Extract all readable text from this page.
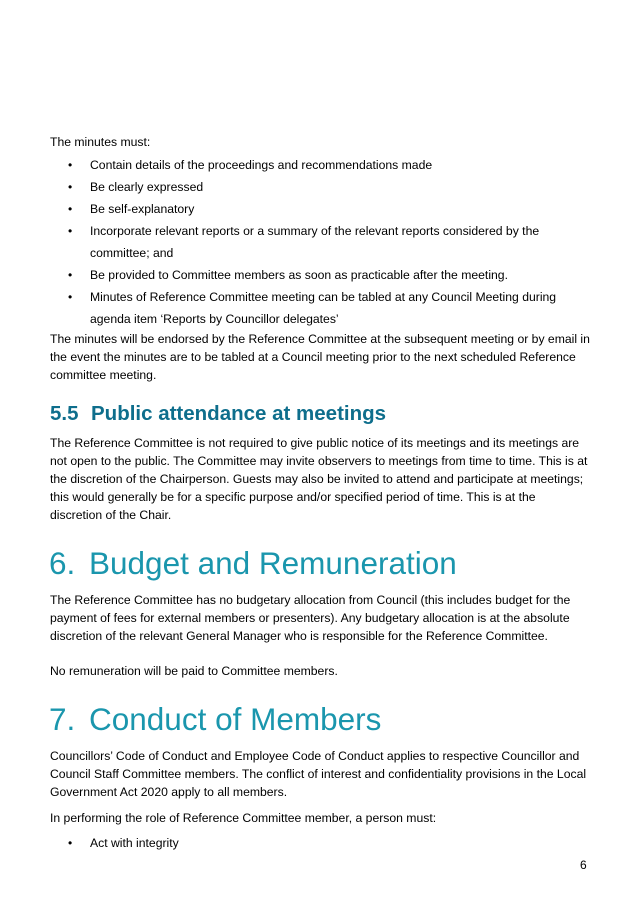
The minutes must:

• Contain details of the proceedings and recommendations made
• Be clearly expressed
• Be self-explanatory
• Incorporate relevant reports or a summary of the relevant reports considered by the committee; and
• Be provided to Committee members as soon as practicable after the meeting.
• Minutes of Reference Committee meeting can be tabled at any Council Meeting during agenda item ‘Reports by Councillor delegates’

The minutes will be endorsed by the Reference Committee at the subsequent meeting or by email in the event the minutes are to be tabled at a Council meeting prior to the next scheduled Reference committee meeting.

5.5 Public attendance at meetings

The Reference Committee is not required to give public notice of its meetings and its meetings are not open to the public. The Committee may invite observers to meetings from time to time. This is at the discretion of the Chairperson. Guests may also be invited to attend and participate at meetings; this would generally be for a specific purpose and/or specified period of time. This is at the discretion of the Chair.

6. Budget and Remuneration

The Reference Committee has no budgetary allocation from Council (this includes budget for the payment of fees for external members or presenters). Any budgetary allocation is at the absolute discretion of the relevant General Manager who is responsible for the Reference Committee.

No remuneration will be paid to Committee members.

7. Conduct of Members

Councillors’ Code of Conduct and Employee Code of Conduct applies to respective Councillor and Council Staff Committee members. The conflict of interest and confidentiality provisions in the Local Government Act 2020 apply to all members.

In performing the role of Reference Committee member, a person must:

• Act with integrity
6
